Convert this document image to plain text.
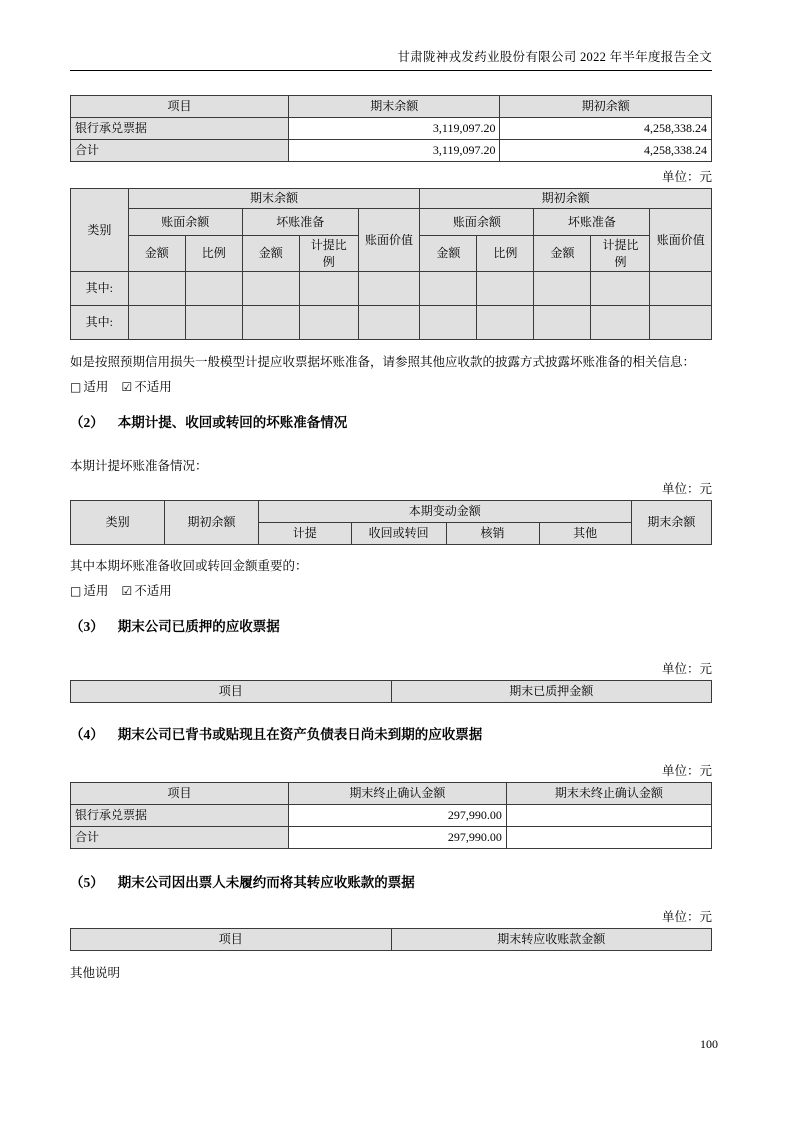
甘肃陇神戎发药业股份有限公司 2022 年半年度报告全文
项目	期末余额	期初余额
银行承兑票据	3,119,097.20	4,258,338.24
合计	3,119,097.20	4,258,338.24
单位：元
类别	期末余额					期初余额				
	账面余额		坏账准备		账面价值	账面余额		坏账准备		账面价值
	金额	比例	金额	计提比例		金额	比例	金额	计提比例	
其中:										
其中:										
如是按照预期信用损失一般模型计提应收票据坏账准备，请参照其他应收款的披露方式披露坏账准备的相关信息：
□ 适用 ☑ 不适用
（2） 本期计提、收回或转回的坏账准备情况
本期计提坏账准备情况：
单位：元
类别	期初余额	本期变动金额				期末余额
		计提	收回或转回	核销	其他	
其中本期坏账准备收回或转回金额重要的：
□ 适用 ☑ 不适用
（3） 期末公司已质押的应收票据
单位：元
项目	期末已质押金额
（4） 期末公司已背书或贴现且在资产负债表日尚未到期的应收票据
单位：元
项目	期末终止确认金额	期末未终止确认金额
银行承兑票据	297,990.00	
合计	297,990.00	
（5） 期末公司因出票人未履约而将其转应收账款的票据
单位：元
项目	期末转应收账款金额
其他说明
100
